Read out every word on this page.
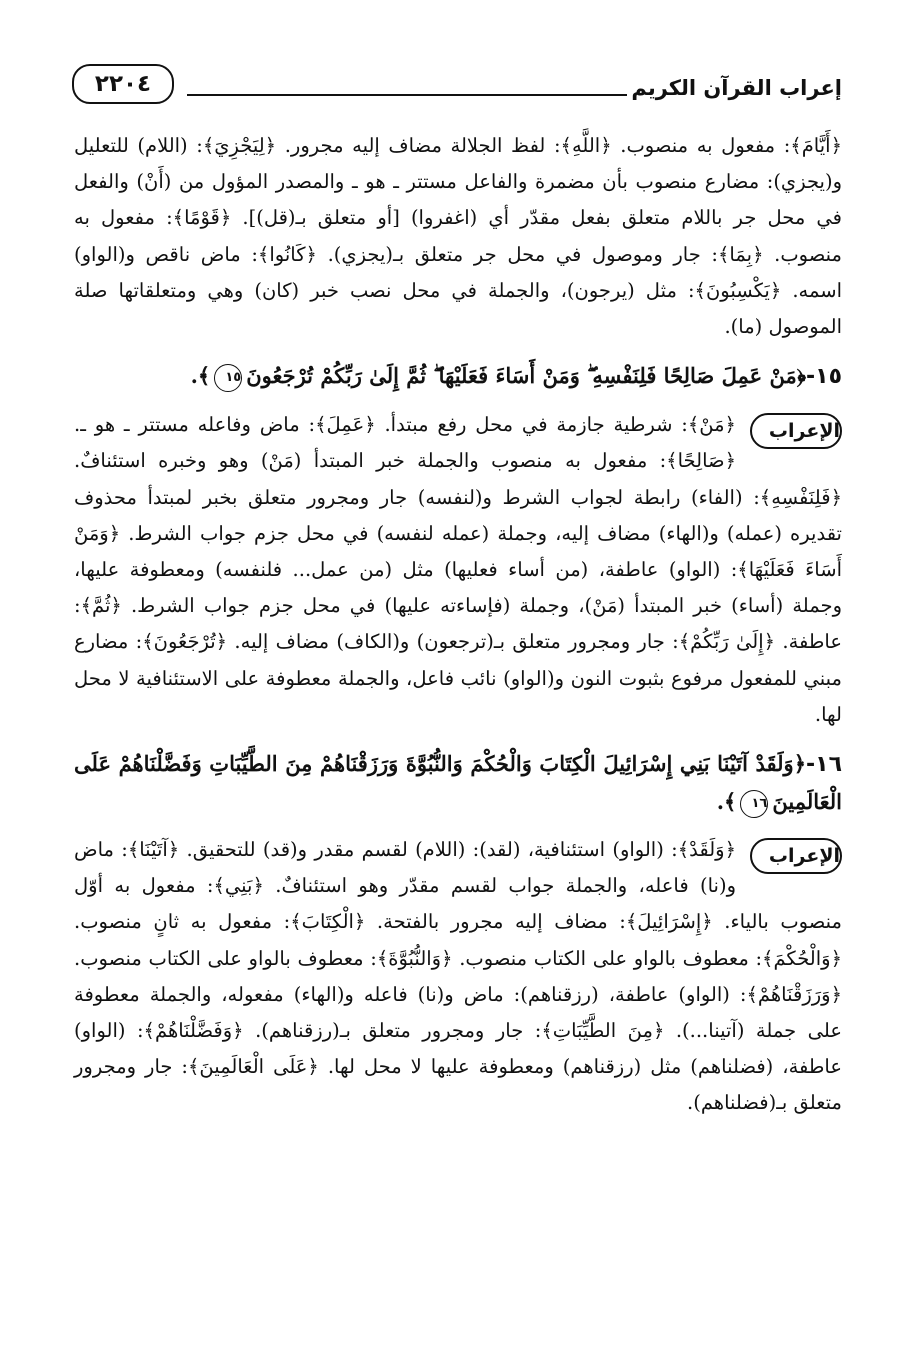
إعراب القرآن الكريم
٢٢٠٤

﴿أَيَّامَ﴾: مفعول به منصوب. ﴿اللَّهِ﴾: لفظ الجلالة مضاف إليه مجرور. ﴿لِيَجْزِيَ﴾: (اللام) للتعليل و(يجزي): مضارع منصوب بأن مضمرة والفاعل مستتر ـ هو ـ والمصدر المؤول من (أَنْ) والفعل في محل جر باللام متعلق بفعل مقدّر أي (اغفروا) [أو متعلق بـ(قل)]. ﴿قَوْمًا﴾: مفعول به منصوب. ﴿بِمَا﴾: جار وموصول في محل جر متعلق بـ(يجزي). ﴿كَانُوا﴾: ماض ناقص و(الواو) اسمه. ﴿يَكْسِبُونَ﴾: مثل (يرجون)، والجملة في محل نصب خبر (كان) وهي ومتعلقاتها صلة الموصول (ما).

١٥-﴿مَنْ عَمِلَ صَالِحًا فَلِنَفْسِهِ ۖ وَمَنْ أَسَاءَ فَعَلَيْهَا ۖ ثُمَّ إِلَىٰ رَبِّكُمْ تُرْجَعُونَ١٥﴾.

الإعراب

﴿مَنْ﴾: شرطية جازمة في محل رفع مبتدأ. ﴿عَمِلَ﴾: ماض وفاعله مستتر ـ هو ـ. ﴿صَالِحًا﴾: مفعول به منصوب والجملة خبر المبتدأ (مَنْ) وهو وخبره استئنافٌ. ﴿فَلِنَفْسِهِ﴾: (الفاء) رابطة لجواب الشرط و(لنفسه) جار ومجرور متعلق بخبر لمبتدأ محذوف تقديره (عمله) و(الهاء) مضاف إليه، وجملة (عمله لنفسه) في محل جزم جواب الشرط. ﴿وَمَنْ أَسَاءَ فَعَلَيْهَا﴾: (الواو) عاطفة، (من أساء فعليها) مثل (من عمل... فلنفسه) ومعطوفة عليها، وجملة (أساء) خبر المبتدأ (مَنْ)، وجملة (فإساءته عليها) في محل جزم جواب الشرط. ﴿ثُمَّ﴾: عاطفة. ﴿إِلَىٰ رَبِّكُمْ﴾: جار ومجرور متعلق بـ(ترجعون) و(الكاف) مضاف إليه. ﴿تُرْجَعُونَ﴾: مضارع مبني للمفعول مرفوع بثبوت النون و(الواو) نائب فاعل، والجملة معطوفة على الاستئنافية لا محل لها.

١٦-﴿وَلَقَدْ آتَيْنَا بَنِي إِسْرَائِيلَ الْكِتَابَ وَالْحُكْمَ وَالنُّبُوَّةَ وَرَزَقْنَاهُمْ مِنَ الطَّيِّبَاتِ وَفَضَّلْنَاهُمْ عَلَى الْعَالَمِينَ١٦﴾.

الإعراب

﴿وَلَقَدْ﴾: (الواو) استئنافية، (لقد): (اللام) لقسم مقدر و(قد) للتحقيق. ﴿آتَيْنَا﴾: ماض و(نا) فاعله، والجملة جواب لقسم مقدّر وهو استئنافٌ. ﴿بَنِي﴾: مفعول به أوّل منصوب بالياء. ﴿إِسْرَائِيلَ﴾: مضاف إليه مجرور بالفتحة. ﴿الْكِتَابَ﴾: مفعول به ثانٍ منصوب. ﴿وَالْحُكْمَ﴾: معطوف بالواو على الكتاب منصوب. ﴿وَالنُّبُوَّةَ﴾: معطوف بالواو على الكتاب منصوب. ﴿وَرَزَقْنَاهُمْ﴾: (الواو) عاطفة، (رزقناهم): ماض و(نا) فاعله و(الهاء) مفعوله، والجملة معطوفة على جملة (آتينا...). ﴿مِنَ الطَّيِّبَاتِ﴾: جار ومجرور متعلق بـ(رزقناهم). ﴿وَفَضَّلْنَاهُمْ﴾: (الواو) عاطفة، (فضلناهم) مثل (رزقناهم) ومعطوفة عليها لا محل لها. ﴿عَلَى الْعَالَمِينَ﴾: جار ومجرور متعلق بـ(فضلناهم).
